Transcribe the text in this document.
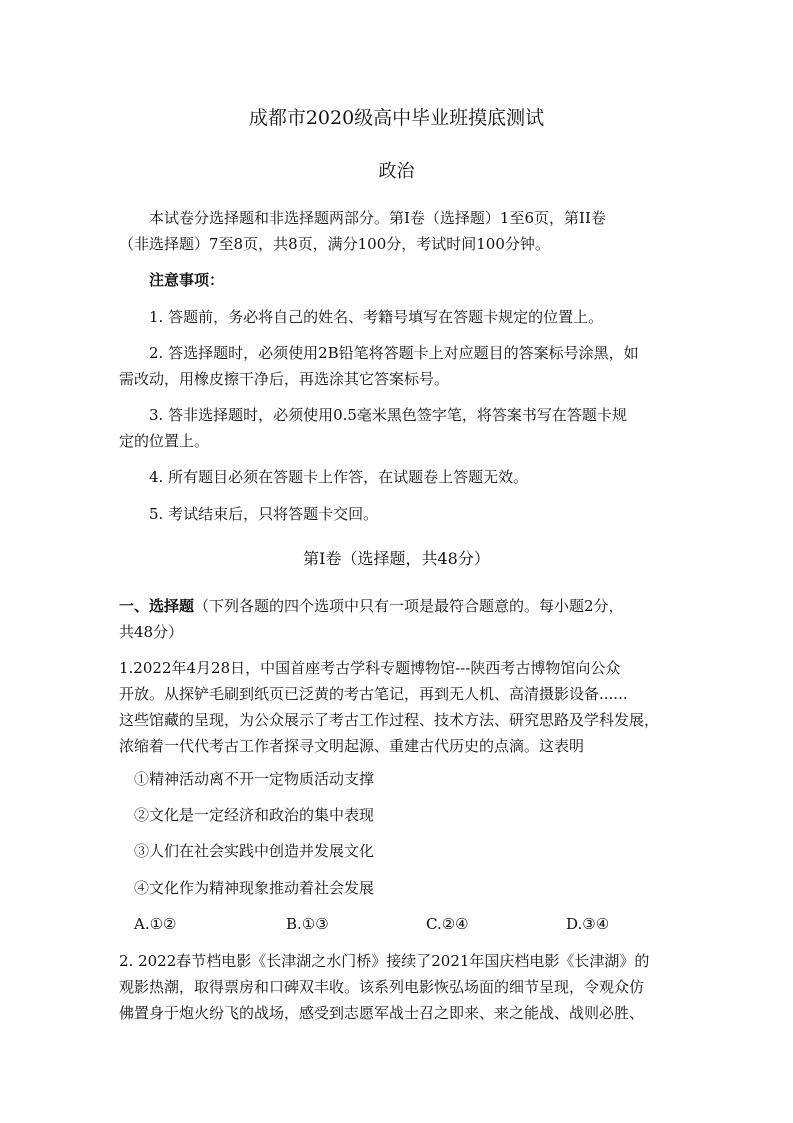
成都市2020级高中毕业班摸底测试
政治
本试卷分选择题和非选择题两部分。第I卷（选择题）1至6页，第II卷
（非选择题）7至8页，共8页，满分100分，考试时间100分钟。
注意事项：
1. 答题前，务必将自己的姓名、考籍号填写在答题卡规定的位置上。
2. 答选择题时，必须使用2B铅笔将答题卡上对应题目的答案标号涂黑，如
需改动，用橡皮擦干净后，再选涂其它答案标号。
3. 答非选择题时，必须使用0.5毫米黑色签字笔，将答案书写在答题卡规
定的位置上。
4. 所有题目必须在答题卡上作答，在试题卷上答题无效。
5. 考试结束后，只将答题卡交回。
第I卷（选择题，共48分）
一、选择题（下列各题的四个选项中只有一项是最符合题意的。每小题2分，
共48分）
1.2022年4月28日，中国首座考古学科专题博物馆---陕西考古博物馆向公众
开放。从探铲毛刷到纸页已泛黄的考古笔记，再到无人机、高清摄影设备......
这些馆藏的呈现，为公众展示了考古工作过程、技术方法、研究思路及学科发展，
浓缩着一代代考古工作者探寻文明起源、重建古代历史的点滴。这表明
①精神活动离不开一定物质活动支撑
②文化是一定经济和政治的集中表现
③人们在社会实践中创造并发展文化
④文化作为精神现象推动着社会发展
A.①②	B.①③	C.②④	D.③④
2. 2022春节档电影《长津湖之水门桥》接续了2021年国庆档电影《长津湖》的
观影热潮，取得票房和口碑双丰收。该系列电影恢弘场面的细节呈现，令观众仿
佛置身于炮火纷飞的战场，感受到志愿军战士召之即来、来之能战、战则必胜、
